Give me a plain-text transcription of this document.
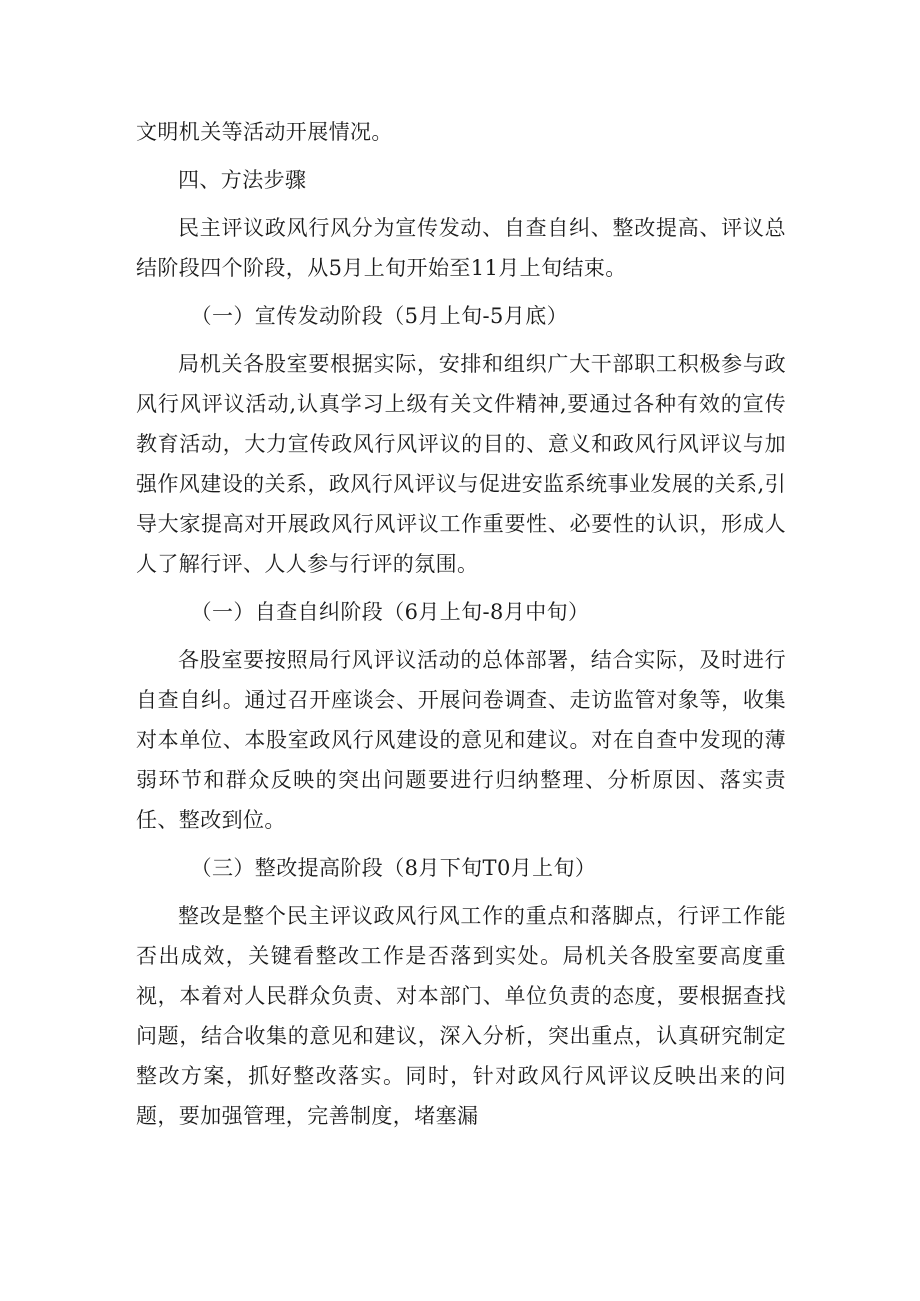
文明机关等活动开展情况。

四、方法步骤

民主评议政风行风分为宣传发动、自查自纠、整改提高、评议总结阶段四个阶段，从5月上旬开始至11月上旬结束。

（一）宣传发动阶段（5月上旬-5月底）

局机关各股室要根据实际，安排和组织广大干部职工积极参与政风行风评议活动,认真学习上级有关文件精神,要通过各种有效的宣传教育活动，大力宣传政风行风评议的目的、意义和政风行风评议与加强作风建设的关系，政风行风评议与促进安监系统事业发展的关系,引导大家提高对开展政风行风评议工作重要性、必要性的认识，形成人人了解行评、人人参与行评的氛围。

（一）自查自纠阶段（6月上旬-8月中旬）

各股室要按照局行风评议活动的总体部署，结合实际，及时进行自查自纠。通过召开座谈会、开展问卷调查、走访监管对象等，收集对本单位、本股室政风行风建设的意见和建议。对在自查中发现的薄弱环节和群众反映的突出问题要进行归纳整理、分析原因、落实责任、整改到位。

（三）整改提高阶段（8月下旬T0月上旬）

整改是整个民主评议政风行风工作的重点和落脚点，行评工作能否出成效，关键看整改工作是否落到实处。局机关各股室要高度重视，本着对人民群众负责、对本部门、单位负责的态度，要根据查找问题，结合收集的意见和建议，深入分析，突出重点，认真研究制定整改方案，抓好整改落实。同时，针对政风行风评议反映出来的问题，要加强管理，完善制度，堵塞漏
